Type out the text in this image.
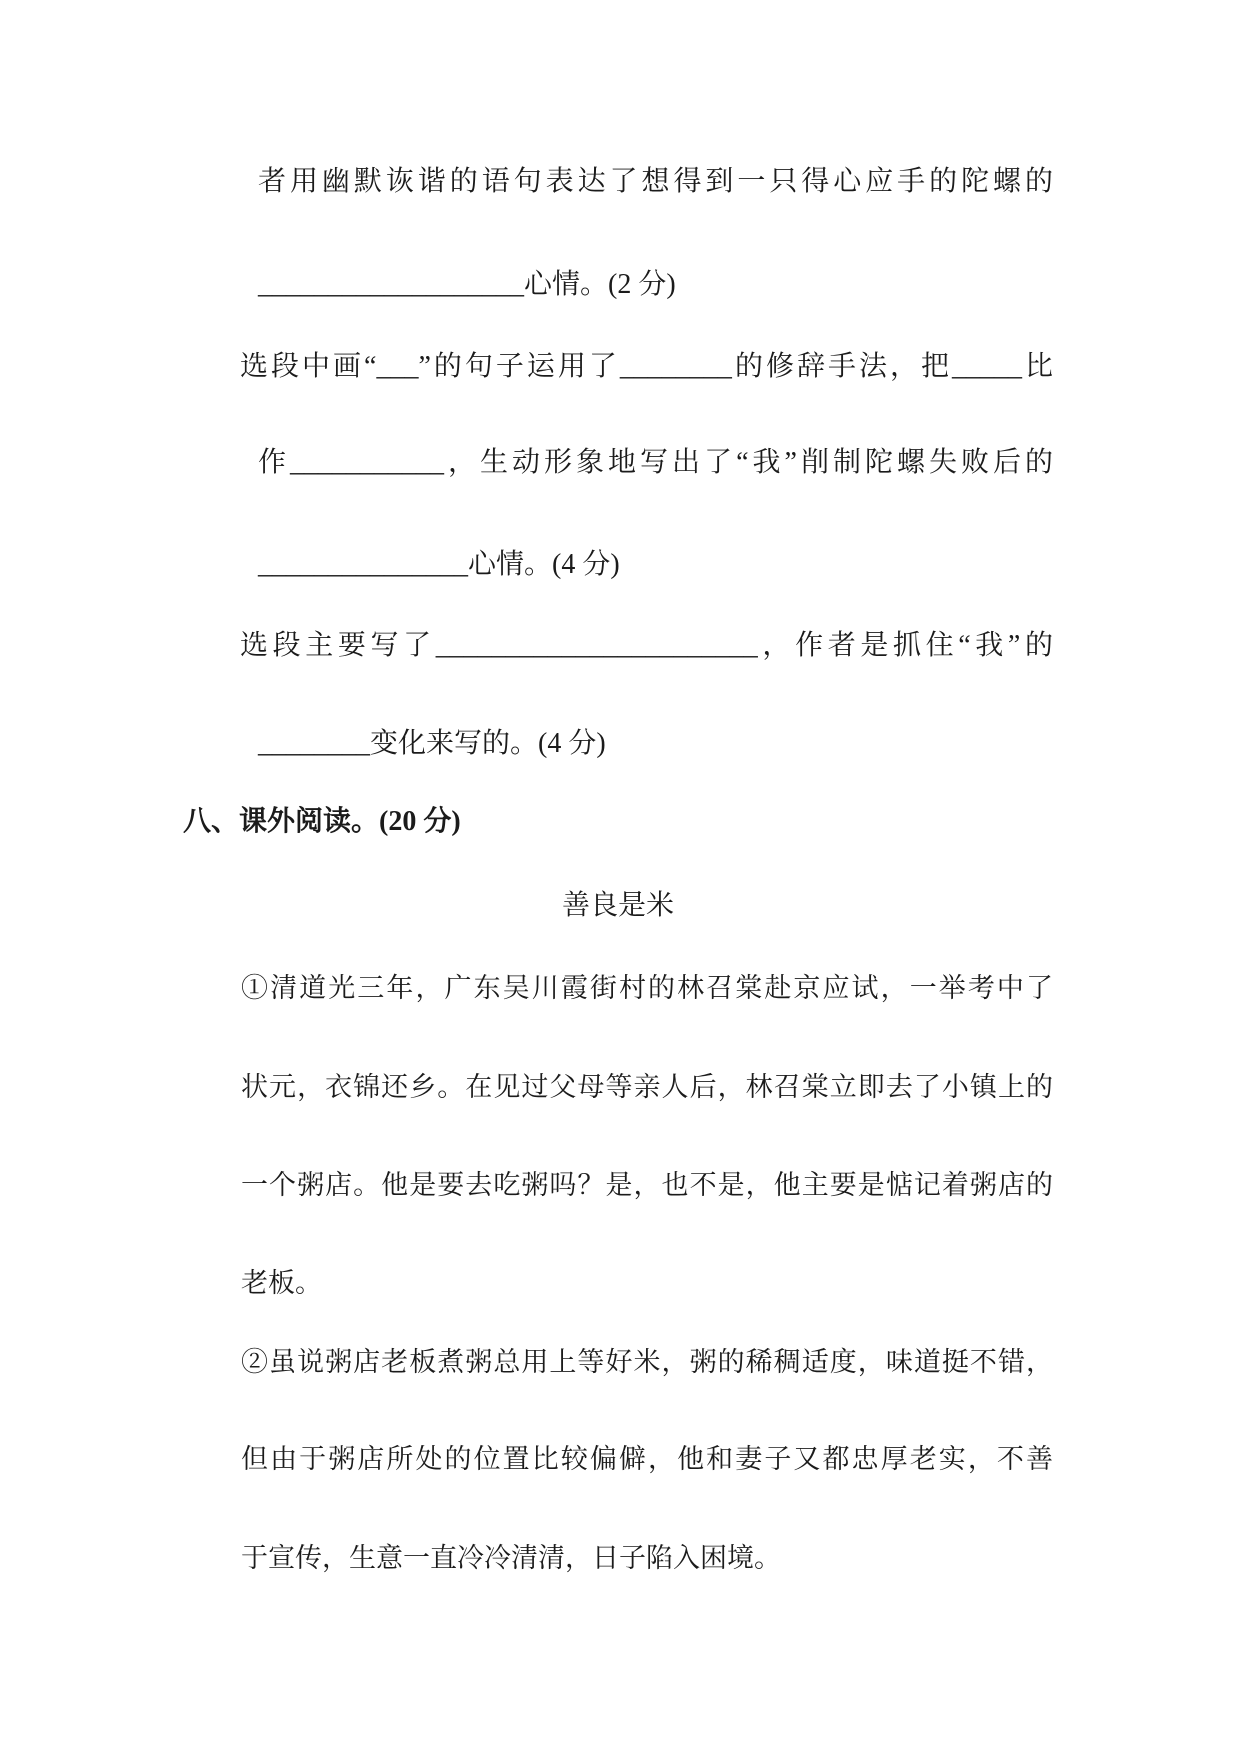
者用幽默诙谐的语句表达了想得到一只得心应手的陀螺的
___________________心情。(2 分)
选段中画“___”的句子运用了________的修辞手法，把_____比
作___________，生动形象地写出了“我”削制陀螺失败后的
_______________心情。(4 分)
选段主要写了_______________________，作者是抓住“我”的
________变化来写的。(4 分)
八、课外阅读。(20 分)
善良是米
①清道光三年，广东吴川霞街村的林召棠赴京应试，一举考中了
状元，衣锦还乡。在见过父母等亲人后，林召棠立即去了小镇上的
一个粥店。他是要去吃粥吗？是，也不是，他主要是惦记着粥店的
老板。
②虽说粥店老板煮粥总用上等好米，粥的稀稠适度，味道挺不错，
但由于粥店所处的位置比较偏僻，他和妻子又都忠厚老实，不善
于宣传，生意一直冷冷清清，日子陷入困境。
